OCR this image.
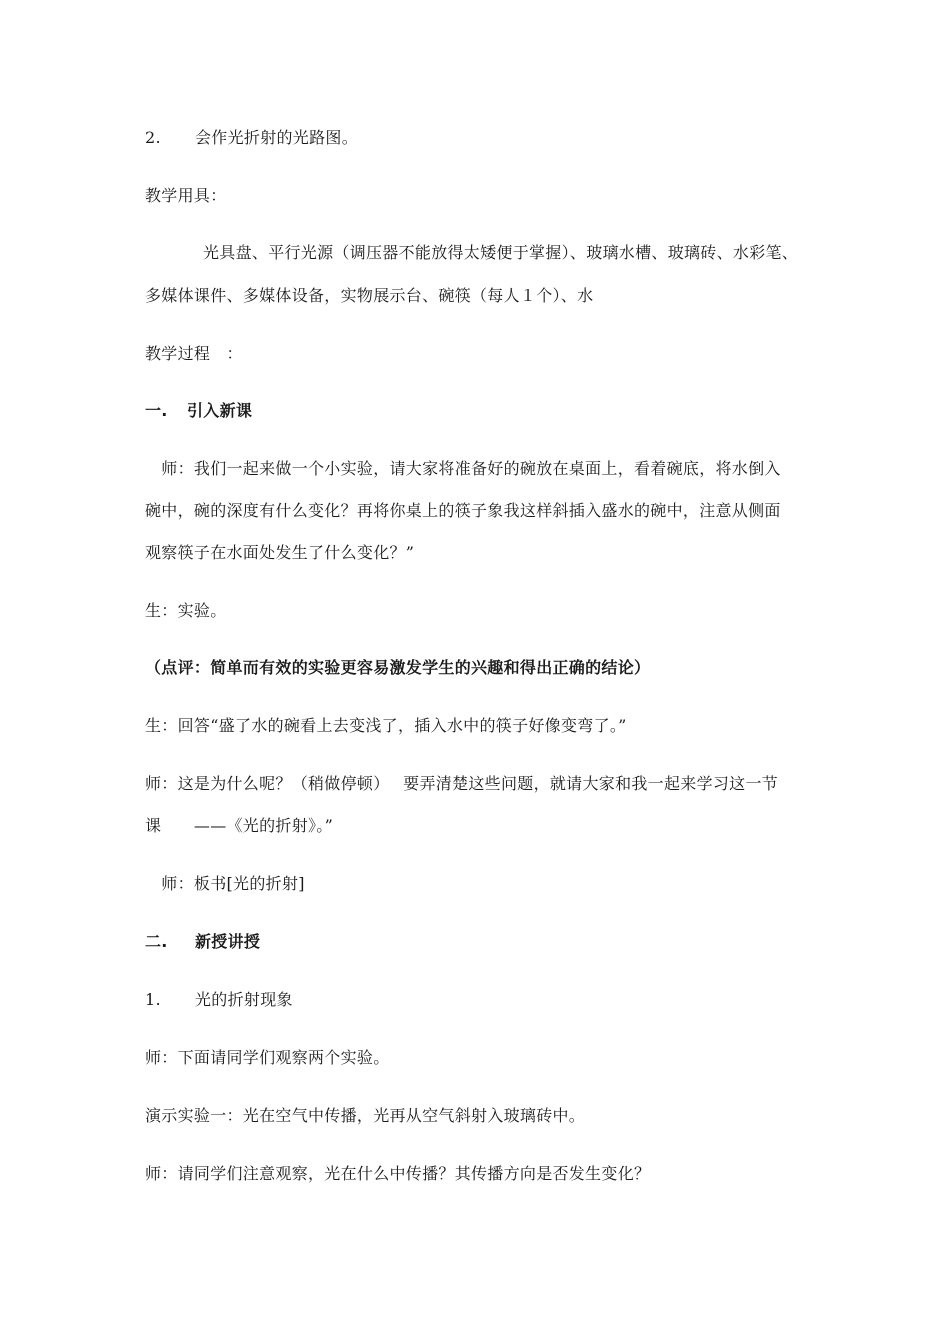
2. 会作光折射的光路图。
教学用具：
光具盘、平行光源（调压器不能放得太矮便于掌握）、玻璃水槽、玻璃砖、水彩笔、
多媒体课件、多媒体设备，实物展示台、碗筷（每人１个）、水
教学过程　：
一. 引入新课
　师：我们一起来做一个小实验，请大家将准备好的碗放在桌面上，看着碗底，将水倒入
碗中，碗的深度有什么变化？再将你桌上的筷子象我这样斜插入盛水的碗中，注意从侧面
观察筷子在水面处发生了什么变化？”
生：实验。
（点评：简单而有效的实验更容易激发学生的兴趣和得出正确的结论）
生：回答“盛了水的碗看上去变浅了，插入水中的筷子好像变弯了。”
师：这是为什么呢？（稍做停顿）　 要弄清楚这些问题，就请大家和我一起来学习这一节
课　　——《光的折射》。”
　师：板书[光的折射]
二. 新授讲授
1. 光的折射现象
师：下面请同学们观察两个实验。
演示实验一：光在空气中传播，光再从空气斜射入玻璃砖中。
师：请同学们注意观察，光在什么中传播？其传播方向是否发生变化？
